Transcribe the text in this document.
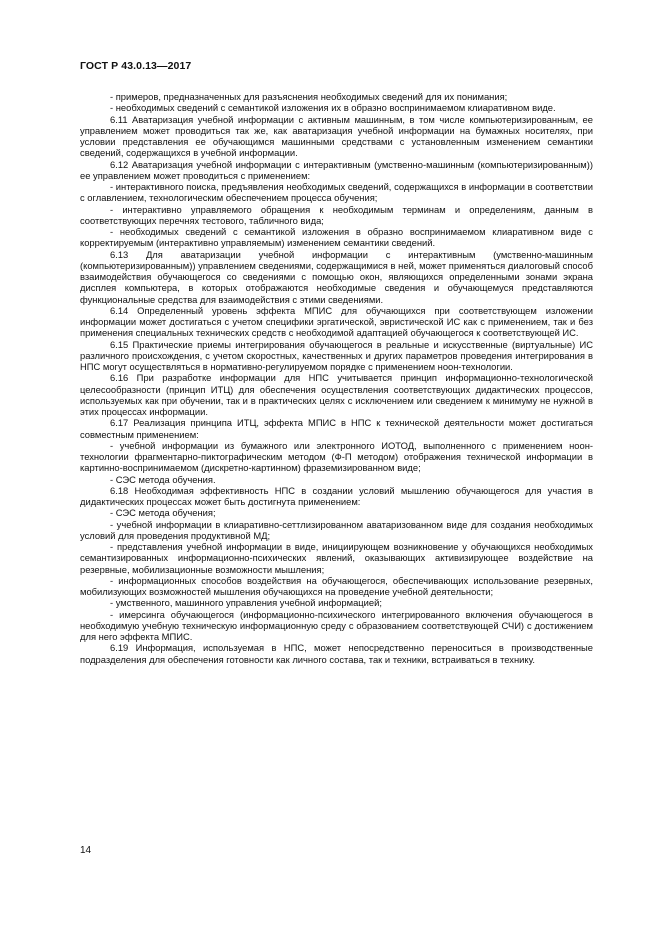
ГОСТ Р 43.0.13—2017

- примеров, предназначенных для разъяснения необходимых сведений для их понимания;

- необходимых сведений с семантикой изложения их в образно воспринимаемом клиаративном виде.

6.11 Аватаризация учебной информации с активным машинным, в том числе компьютеризированным, ее управлением может проводиться так же, как аватаризация учебной информации на бумажных носителях, при условии представления ее обучающимся машинными средствами с установленным изменением семантики сведений, содержащихся в учебной информации.

6.12 Аватаризация учебной информации с интерактивным (умственно-машинным (компьютеризированным)) ее управлением может проводиться с применением:

- интерактивного поиска, предъявления необходимых сведений, содержащихся в информации в соответствии с оглавлением, технологическим обеспечением процесса обучения;

- интерактивно управляемого обращения к необходимым терминам и определениям, данным в соответствующих перечнях тестового, табличного вида;

- необходимых сведений с семантикой изложения в образно воспринимаемом клиаративном виде с корректируемым (интерактивно управляемым) изменением семантики сведений.

6.13 Для аватаризации учебной информации с интерактивным (умственно-машинным (компьютеризированным)) управлением сведениями, содержащимися в ней, может применяться диалоговый способ взаимодействия обучающегося со сведениями с помощью окон, являющихся определенными зонами экрана дисплея компьютера, в которых отображаются необходимые сведения и обучающемуся представляются функциональные средства для взаимодействия с этими сведениями.

6.14 Определенный уровень эффекта МПИС для обучающихся при соответствующем изложении информации может достигаться с учетом специфики эргатической, эвристической ИС как с применением, так и без применения специальных технических средств с необходимой адаптацией обучающегося к соответствующей ИС.

6.15 Практические приемы интегрирования обучающегося в реальные и искусственные (виртуальные) ИС различного происхождения, с учетом скоростных, качественных и других параметров проведения интегрирования в НПС могут осуществляться в нормативно-регулируемом порядке с применением ноон-технологии.

6.16 При разработке информации для НПС учитывается принцип информационно-технологической целесообразности (принцип ИТЦ) для обеспечения осуществления соответствующих дидактических процессов, используемых как при обучении, так и в практических целях с исключением или сведением к минимуму не нужной в этих процессах информации.

6.17 Реализация принципа ИТЦ, эффекта МПИС в НПС к технической деятельности может достигаться совместным применением:

- учебной информации из бумажного или электронного ИОТОД, выполненного с применением ноон-технологии фрагментарно-пиктографическим методом (Ф-П методом) отображения технической информации в картинно-воспринимаемом (дискретно-картинном) фраземизированном виде;

- СЭС метода обучения.

6.18 Необходимая эффективность НПС в создании условий мышлению обучающегося для участия в дидактических процессах может быть достигнута применением:

- СЭС метода обучения;

- учебной информации в клиаративно-сеттлизированном аватаризованном виде для создания необходимых условий для проведения продуктивной МД;

- представления учебной информации в виде, инициирующем возникновение у обучающихся необходимых семантизированных информационно-психических явлений, оказывающих активизирующее воздействие на резервные, мобилизационные возможности мышления;

- информационных способов воздействия на обучающегося, обеспечивающих использование резервных, мобилизующих возможностей мышления обучающихся на проведение учебной деятельности;

- умственного, машинного управления учебной информацией;

- имерсинга обучающегося (информационно-психического интегрированного включения обучающегося в необходимую учебную техническую информационную среду с образованием соответствующей СЧИ) с достижением для него эффекта МПИС.

6.19 Информация, используемая в НПС, может непосредственно переноситься в производственные подразделения для обеспечения готовности как личного состава, так и техники, встраиваться в технику.

14
